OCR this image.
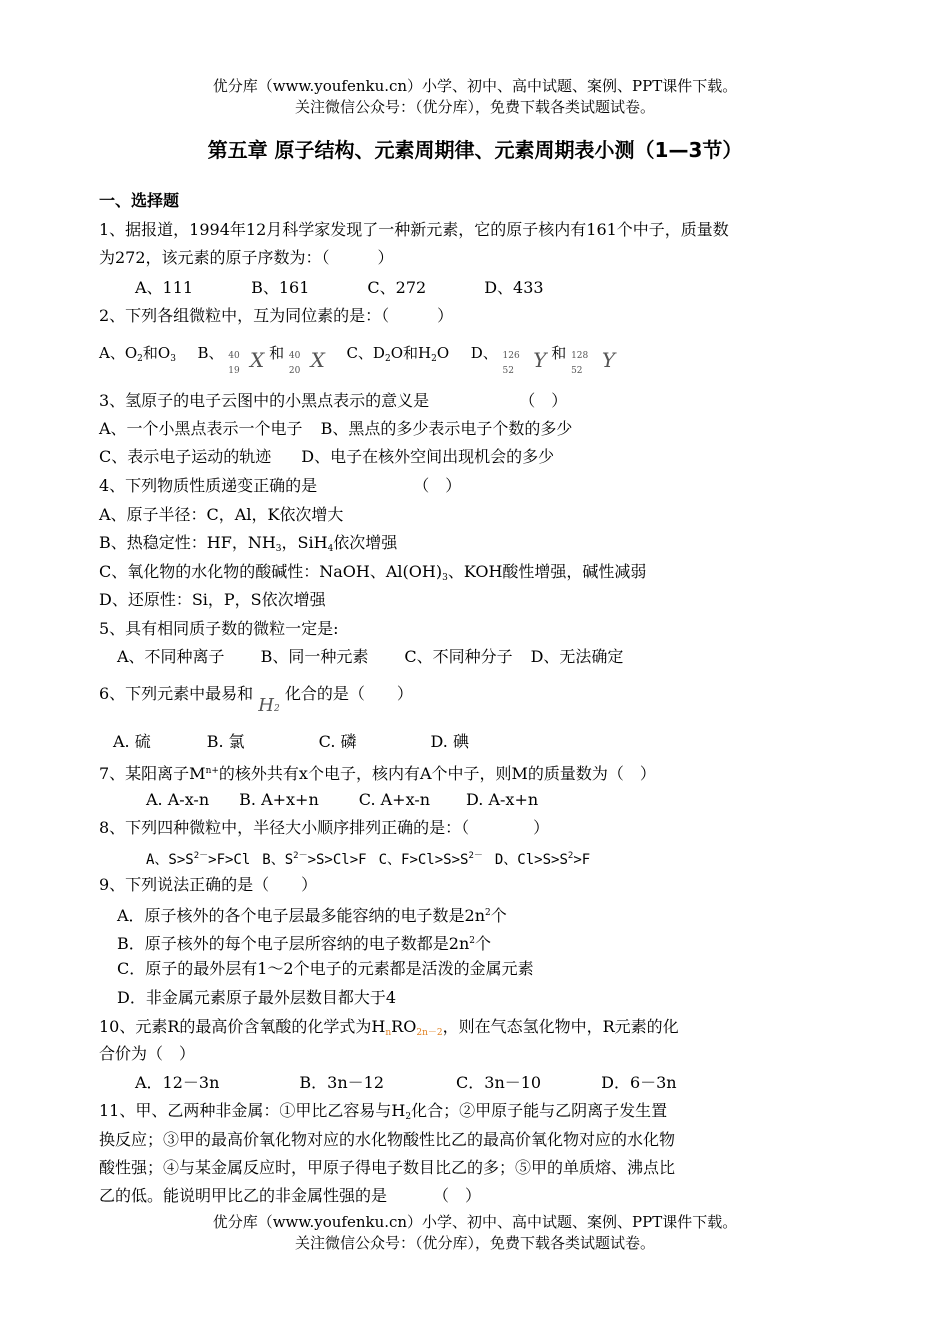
优分库（www.youfenku.cn）小学、初中、高中试题、案例、PPT课件下载。
关注微信公众号：（优分库），免费下载各类试题试卷。
第五章 原子结构、元素周期律、元素周期表小测（1—3节）
一、选择题
1、据报道，1994年12月科学家发现了一种新元素，它的原子核内有161个中子，质量数
为272，该元素的原子序数为：（　　　）
A、111	B、161	C、272	D、433
2、下列各组微粒中，互为同位素的是：（　　　）
A、$O_2$和$O_3$ B、 40
19 X 和 40
20 X C、$D_2O$和$H_2O$ D、 126
52 Y 和 128
52 Y
3、氢原子的电子云图中的小黑点表示的意义是	（　）
A、一个小黑点表示一个电子 B、黑点的多少表示电子个数的多少
C、表示电子运动的轨迹 D、电子在核外空间出现机会的多少
4、下列物质性质递变正确的是	（　）
A、原子半径：C，Al，K依次增大
B、热稳定性：HF，$NH_3$，SiH$_4$依次增强
C、氧化物的水化物的酸碱性：NaOH、$Al(OH)_3$、KOH酸性增强，碱性减弱
D、还原性：Si，P，S依次增强
5、具有相同质子数的微粒一定是:
A、不同种离子 B、同一种元素 C、不同种分子 D、无法确定
6、下列元素中最易和 H2 化合的是（　　）
A. 硫	B. 氯	C. 磷	D. 碘
7、某阳离子$M^{n+}$的核外共有x个电子，核内有A个中子，则M的质量数为（　）
A. A-x-n B. A+x+n	C. A+x-n D. A-x+n
8、下列四种微粒中，半径大小顺序排列正确的是：（　　　　）
A、$S>S^{2-}>F>Cl$ B、$S^{2-}>S>Cl>F$ C、$F>Cl>S>S^{2-}$ D、$Cl>S>S^2>F$
9、下列说法正确的是（　　）
A．原子核外的各个电子层最多能容纳的电子数是$2n^2$个
B．原子核外的每个电子层所容纳的电子数都是$2n^2$个
C．原子的最外层有1～2个电子的元素都是活泼的金属元素
D．非金属元素原子最外层数目都大于4
10、元素R的最高价含氧酸的化学式为$H_nRO_{2n-2}$，则在气态氢化物中，R元素的化
合价为（　）
A．12－3n	B．3n－12	C．3n－10	D．6－3n
11、甲、乙两种非金属：①甲比乙容易与$H_2$化合；②甲原子能与乙阴离子发生置
换反应；③甲的最高价氧化物对应的水化物酸性比乙的最高价氧化物对应的水化物
酸性强；④与某金属反应时，甲原子得电子数目比乙的多；⑤甲的单质熔、沸点比
乙的低。能说明甲比乙的非金属性强的是	（　）
优分库（www.youfenku.cn）小学、初中、高中试题、案例、PPT课件下载。
关注微信公众号：（优分库），免费下载各类试题试卷。
